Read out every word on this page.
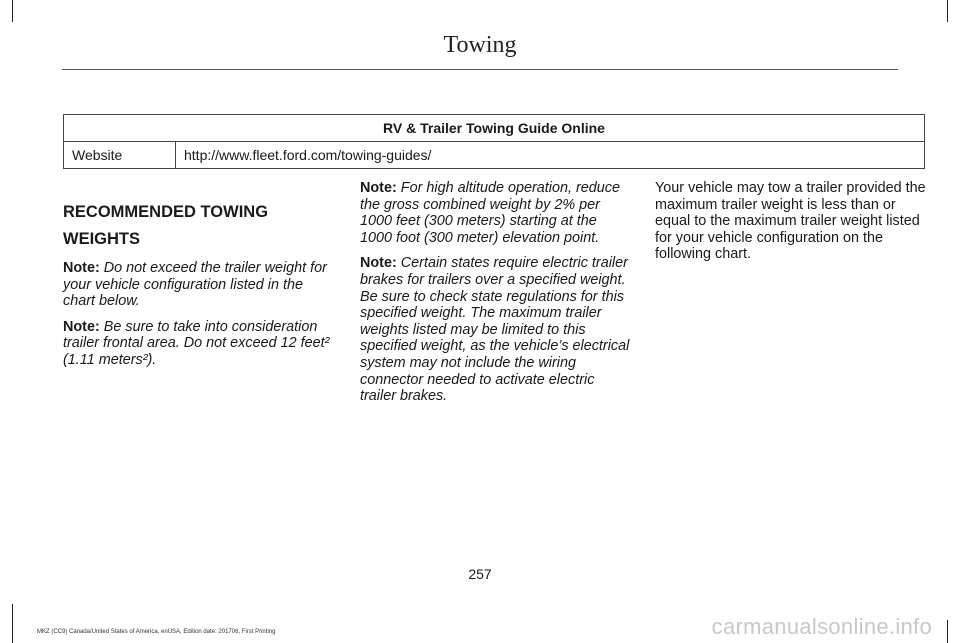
Towing
RV & Trailer Towing Guide Online
Website	http://www.fleet.ford.com/towing-guides/
RECOMMENDED TOWING
WEIGHTS

Note: Do not exceed the trailer weight for your vehicle configuration listed in the chart below.

Note: Be sure to take into consideration trailer frontal area. Do not exceed 12 feet² (1.11 meters²).

Note: For high altitude operation, reduce the gross combined weight by 2% per 1000 feet (300 meters) starting at the 1000 foot (300 meter) elevation point.

Note: Certain states require electric trailer brakes for trailers over a specified weight. Be sure to check state regulations for this specified weight. The maximum trailer weights listed may be limited to this specified weight, as the vehicle’s electrical system may not include the wiring connector needed to activate electric trailer brakes.

Your vehicle may tow a trailer provided the maximum trailer weight is less than or equal to the maximum trailer weight listed for your vehicle configuration on the following chart.

257
MKZ (CC9) Canada/United States of America, enUSA, Edition date: 201706, First Printing	carmanualsonline.info
